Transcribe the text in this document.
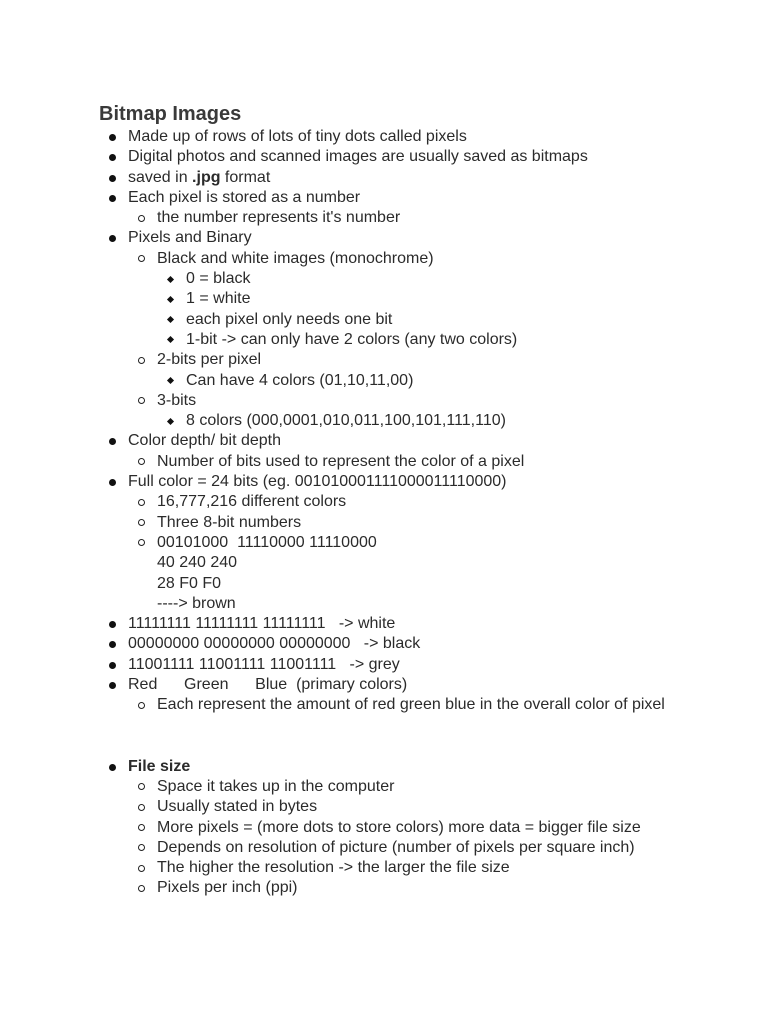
Bitmap Images
Made up of rows of lots of tiny dots called pixels
Digital photos and scanned images are usually saved as bitmaps
saved in .jpg format
Each pixel is stored as a number
the number represents it's number
Pixels and Binary
Black and white images (monochrome)
0 = black
1 = white
each pixel only needs one bit
1-bit -> can only have 2 colors (any two colors)
2-bits per pixel
Can have 4 colors (01,10,11,00)
3-bits
8 colors (000,0001,010,011,100,101,111,110)
Color depth/ bit depth
Number of bits used to represent the color of a pixel
Full color = 24 bits (eg. 001010001111000011110000)
16,777,216 different colors
Three 8-bit numbers
00101000  11110000 11110000
40 240 240
28 F0 F0
----> brown
11111111 11111111 11111111   -> white
00000000 00000000 00000000   -> black
11001111 11001111 11001111   -> grey
Red      Green      Blue  (primary colors)
Each represent the amount of red green blue in the overall color of pixel
File size
Space it takes up in the computer
Usually stated in bytes
More pixels = (more dots to store colors) more data = bigger file size
Depends on resolution of picture (number of pixels per square inch)
The higher the resolution -> the larger the file size
Pixels per inch (ppi)
